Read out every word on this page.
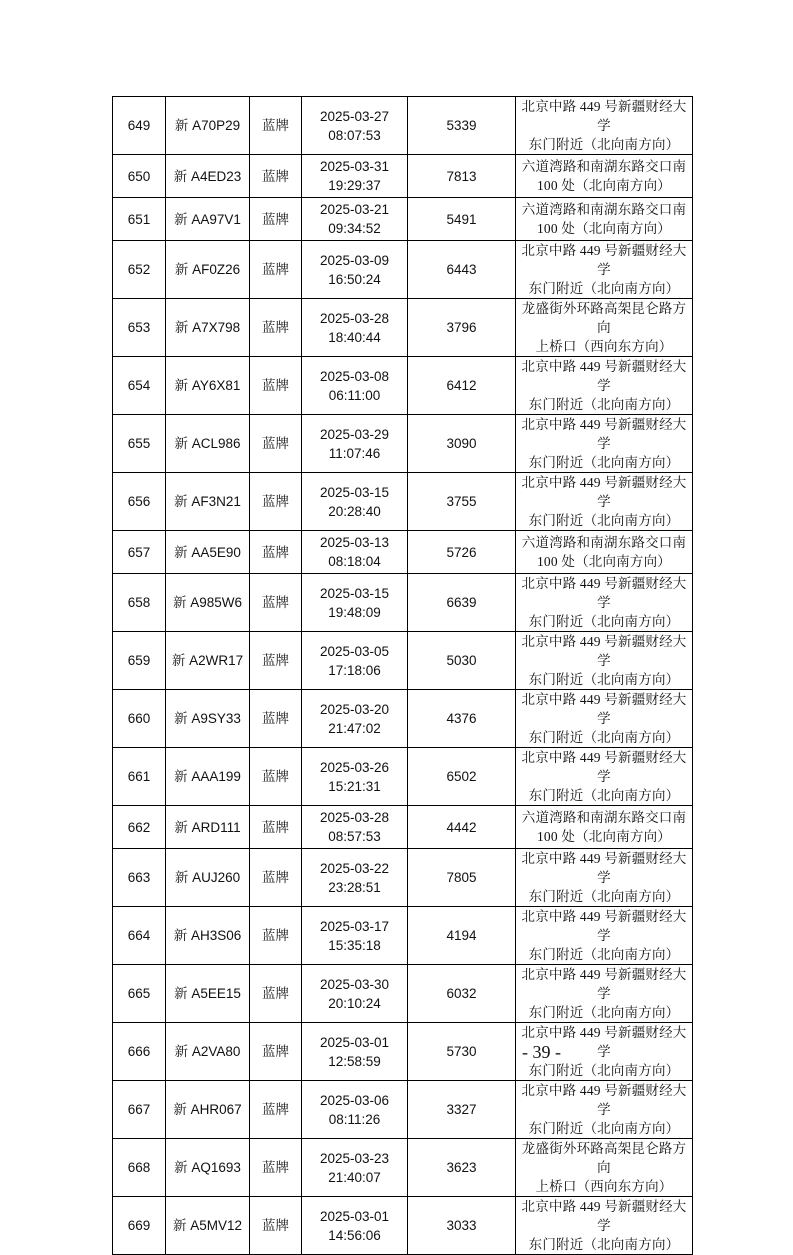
649	新 A70P29	蓝牌	2025-03-27
08:07:53	5339	北京中路 449 号新疆财经大学
东门附近（北向南方向）

650	新 A4ED23	蓝牌	2025-03-31
19:29:37	7813	六道湾路和南湖东路交口南
100 处（北向南方向）

651	新 AA97V1	蓝牌	2025-03-21
09:34:52	5491	六道湾路和南湖东路交口南
100 处（北向南方向）

652	新 AF0Z26	蓝牌	2025-03-09
16:50:24	6443	北京中路 449 号新疆财经大学
东门附近（北向南方向）

653	新 A7X798	蓝牌	2025-03-28
18:40:44	3796	龙盛街外环路高架昆仑路方向
上桥口（西向东方向）

654	新 AY6X81	蓝牌	2025-03-08
06:11:00	6412	北京中路 449 号新疆财经大学
东门附近（北向南方向）

655	新 ACL986	蓝牌	2025-03-29
11:07:46	3090	北京中路 449 号新疆财经大学
东门附近（北向南方向）

656	新 AF3N21	蓝牌	2025-03-15
20:28:40	3755	北京中路 449 号新疆财经大学
东门附近（北向南方向）

657	新 AA5E90	蓝牌	2025-03-13
08:18:04	5726	六道湾路和南湖东路交口南
100 处（北向南方向）

658	新 A985W6	蓝牌	2025-03-15
19:48:09	6639	北京中路 449 号新疆财经大学
东门附近（北向南方向）

659	新 A2WR17	蓝牌	2025-03-05
17:18:06	5030	北京中路 449 号新疆财经大学
东门附近（北向南方向）

660	新 A9SY33	蓝牌	2025-03-20
21:47:02	4376	北京中路 449 号新疆财经大学
东门附近（北向南方向）

661	新 AAA199	蓝牌	2025-03-26
15:21:31	6502	北京中路 449 号新疆财经大学
东门附近（北向南方向）

662	新 ARD111	蓝牌	2025-03-28
08:57:53	4442	六道湾路和南湖东路交口南
100 处（北向南方向）

663	新 AUJ260	蓝牌	2025-03-22
23:28:51	7805	北京中路 449 号新疆财经大学
东门附近（北向南方向）

664	新 AH3S06	蓝牌	2025-03-17
15:35:18	4194	北京中路 449 号新疆财经大学
东门附近（北向南方向）

665	新 A5EE15	蓝牌	2025-03-30
20:10:24	6032	北京中路 449 号新疆财经大学
东门附近（北向南方向）

666	新 A2VA80	蓝牌	2025-03-01
12:58:59	5730	北京中路 449 号新疆财经大学
东门附近（北向南方向）

667	新 AHR067	蓝牌	2025-03-06
08:11:26	3327	北京中路 449 号新疆财经大学
东门附近（北向南方向）

668	新 AQ1693	蓝牌	2025-03-23
21:40:07	3623	龙盛街外环路高架昆仑路方向
上桥口（西向东方向）

669	新 A5MV12	蓝牌	2025-03-01
14:56:06	3033	北京中路 449 号新疆财经大学
东门附近（北向南方向）
- 39 -
